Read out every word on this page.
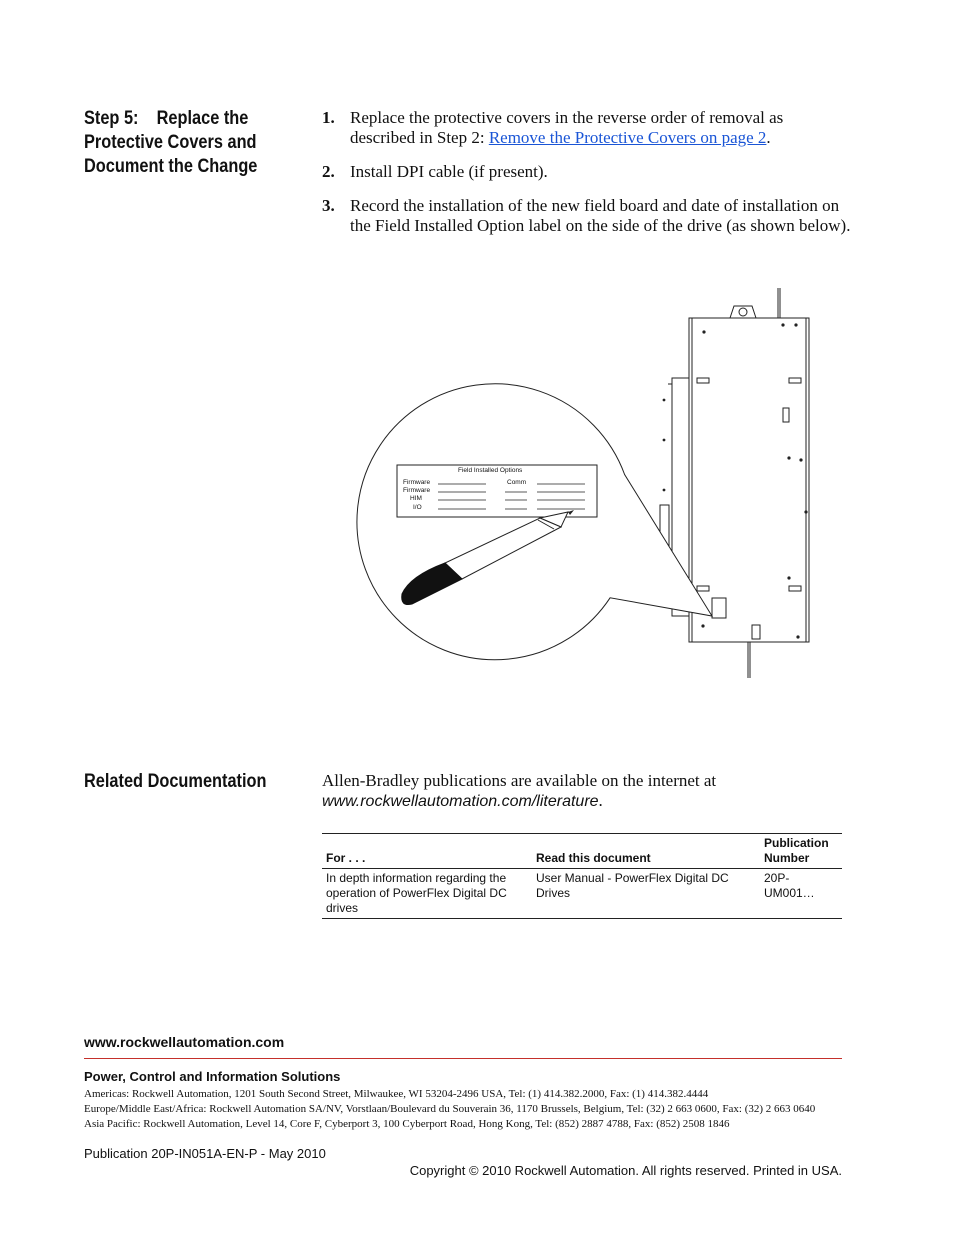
Step 5:    Replace the
Protective Covers and
Document the Change
1. Replace the protective covers in the reverse order of removal as described in Step 2: Remove the Protective Covers on page 2.
2. Install DPI cable (if present).
3. Record the installation of the new field board and date of installation on the Field Installed Option label on the side of the drive (as shown below).
Field Installed Options
Firmware
Firmware
HIM
I/O
Comm
Related Documentation	Allen-Bradley publications are available on the internet at
www.rockwellautomation.com/literature.
For . . .	Read this document	Publication Number
In depth information regarding the operation of PowerFlex Digital DC drives	User Manual - PowerFlex Digital DC Drives	20P-UM001…
www.rockwellautomation.com
Power, Control and Information Solutions
Americas: Rockwell Automation, 1201 South Second Street, Milwaukee, WI 53204-2496 USA, Tel: (1) 414.382.2000, Fax: (1) 414.382.4444
Europe/Middle East/Africa: Rockwell Automation SA/NV, Vorstlaan/Boulevard du Souverain 36, 1170 Brussels, Belgium, Tel: (32) 2 663 0600, Fax: (32) 2 663 0640
Asia Pacific: Rockwell Automation, Level 14, Core F, Cyberport 3, 100 Cyberport Road, Hong Kong, Tel: (852) 2887 4788, Fax: (852) 2508 1846
Publication 20P-IN051A-EN-P - May 2010
Copyright © 2010 Rockwell Automation. All rights reserved. Printed in USA.
